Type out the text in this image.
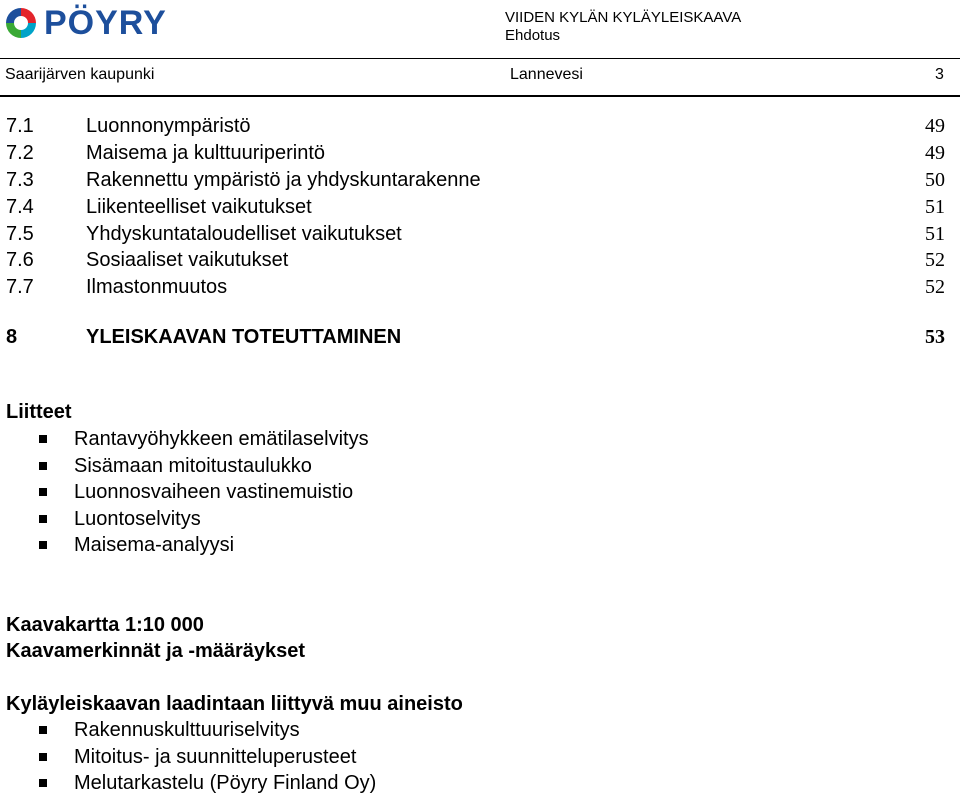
PÖYRY	VIIDEN KYLÄN KYLÄYLEISKAAVA
Ehdotus
Saarijärven kaupunki	Lannevesi	3
7.1	Luonnonympäristö	49
7.2	Maisema ja kulttuuriperintö	49
7.3	Rakennettu ympäristö ja yhdyskuntarakenne	50
7.4	Liikenteelliset vaikutukset	51
7.5	Yhdyskuntataloudelliset vaikutukset	51
7.6	Sosiaaliset vaikutukset	52
7.7	Ilmastonmuutos	52
8	YLEISKAAVAN TOTEUTTAMINEN	53
Liitteet
Rantavyöhykkeen emätilaselvitys
Sisämaan mitoitustaulukko
Luonnosvaiheen vastinemuistio
Luontoselvitys
Maisema-analyysi
Kaavakartta 1:10 000
Kaavamerkinnät ja -määräykset
Kyläyleiskaavan laadintaan liittyvä muu aineisto
Rakennuskulttuuriselvitys
Mitoitus- ja suunnitteluperusteet
Melutarkastelu (Pöyry Finland Oy)
